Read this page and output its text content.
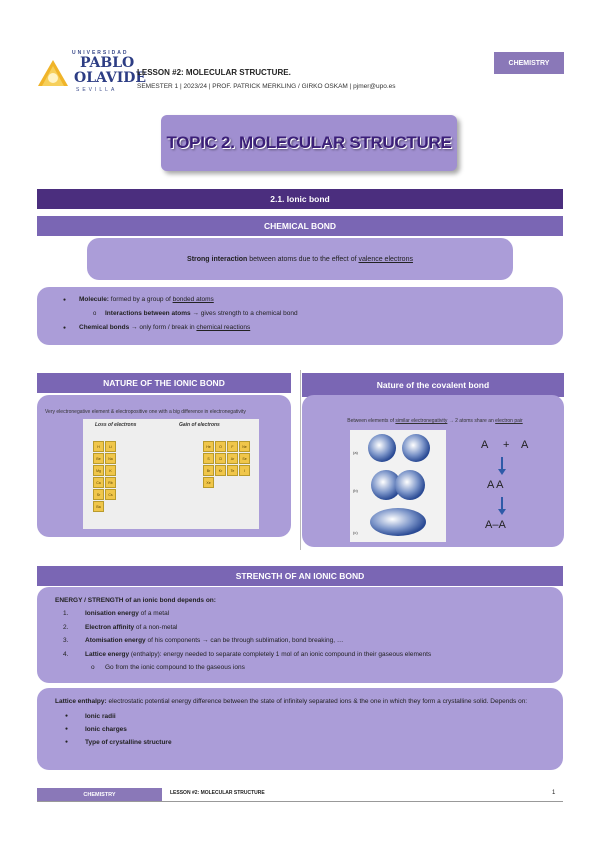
UNIVERSIDAD
PABLO
OLAVIDE
SEVILLA
LESSON #2: MOLECULAR STRUCTURE.
SEMESTER 1 | 2023/24 | PROF. PATRICK MERKLING / GIRKO OSKAM | pjmer@upo.es
CHEMISTRY
TOPIC 2. MOLECULAR STRUCTURE
2.1. Ionic bond
CHEMICAL BOND

Strong interaction between atoms due to the effect of valence electrons

● Molecule: formed by a group of bonded atoms
o Interactions between atoms → gives strength to a chemical bond
● Chemical bonds → only form / break in chemical reactions
NATURE OF THE IONIC BOND	Nature of the covalent bond
Very electronegative element & electropositive one with a big difference in electronegativity
Loss of electrons	Gain of electrons
H	Li
Be	Na
Mg	K
Ca	Rb
Sr	Cs
Ba
He	O	F	Ne
S	Cl	Ar	Se
Br	Kr	Te	I
Xe
Between elements of similar electronegativity → 2 atoms share an electron pair
(a)
(b)
(c)
A + A
A A
A–A
STRENGTH OF AN IONIC BOND
ENERGY / STRENGTH of an ionic bond depends on:
1.	Ionisation energy of a metal
2.	Electron affinity of a non-metal
3.	Atomisation energy of his components → can be through sublimation, bond breaking, …
4.	Lattice energy (enthalpy): energy needed to separate completely 1 mol of an ionic compound in their gaseous elements
o Go from the ionic compound to the gaseous ions

Lattice enthalpy: electrostatic potential energy difference between the state of infinitely separated ions & the one in which they form a crystalline solid. Depends on:

● Ionic radii
● Ionic charges
● Type of crystalline structure
CHEMISTRY	LESSON #2: MOLECULAR STRUCTURE	1
